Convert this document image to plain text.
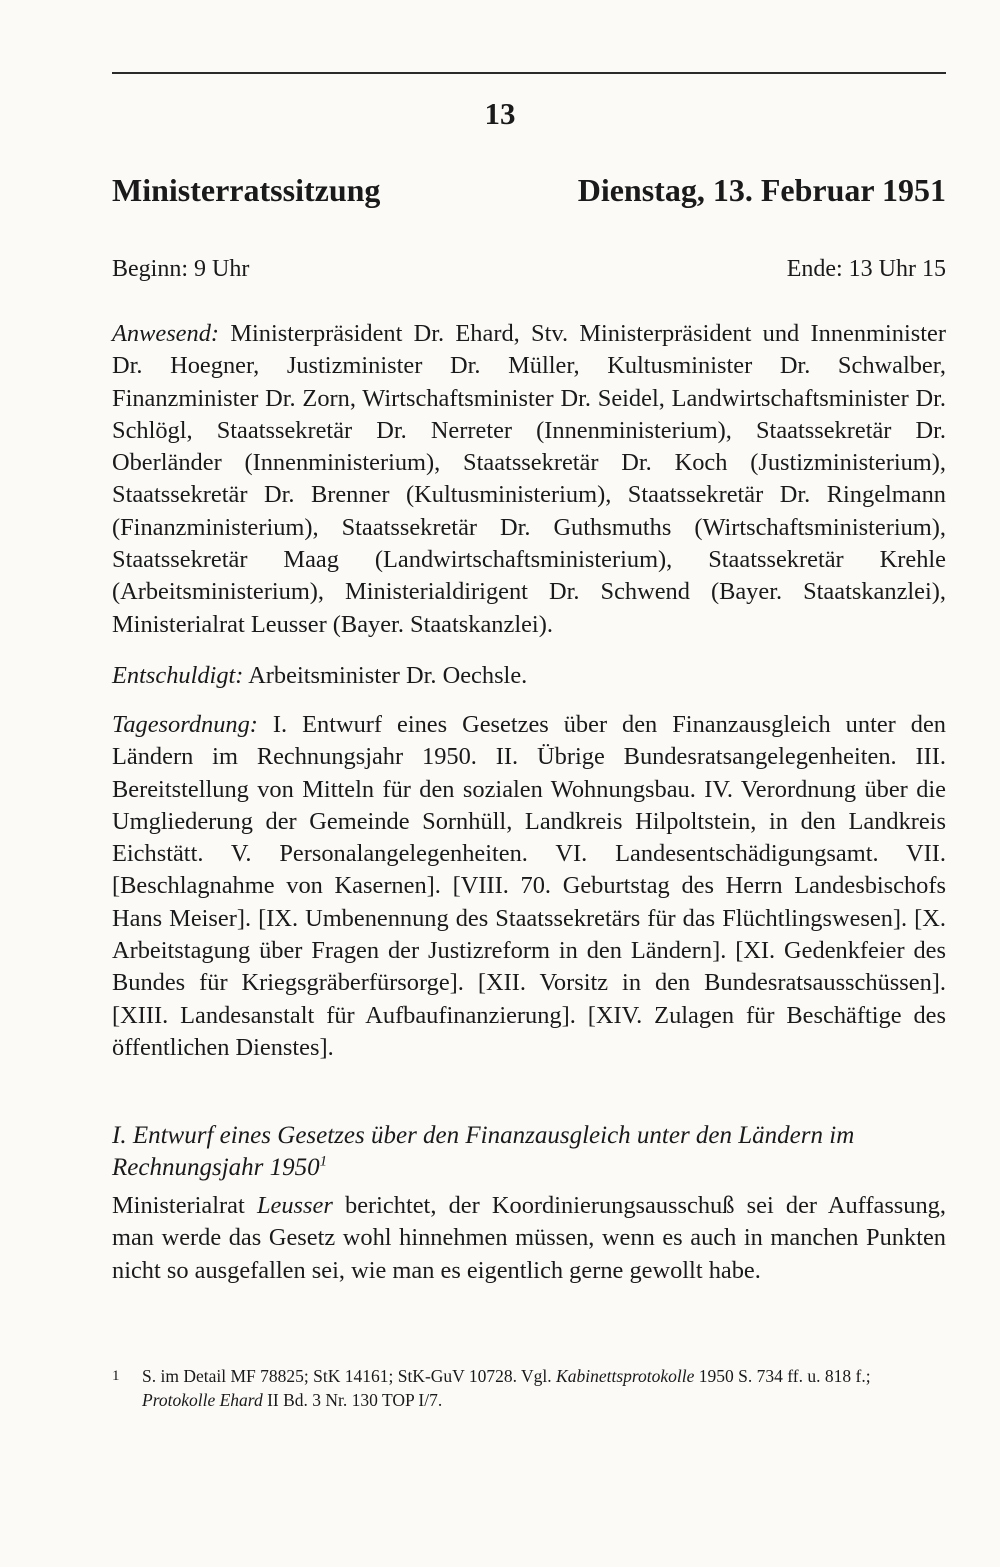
13
Ministerratssitzung	Dienstag, 13. Februar 1951
Beginn: 9 Uhr	Ende: 13 Uhr 15
Anwesend: Ministerpräsident Dr. Ehard, Stv. Ministerpräsident und Innenminister Dr. Hoegner, Justizminister Dr. Müller, Kultusminister Dr. Schwalber, Finanzminister Dr. Zorn, Wirtschaftsminister Dr. Seidel, Landwirtschaftsminister Dr. Schlögl, Staatssekretär Dr. Nerreter (Innenministerium), Staatssekretär Dr. Oberländer (Innenministerium), Staatssekretär Dr. Koch (Justizministerium), Staatssekretär Dr. Brenner (Kultusministerium), Staatssekretär Dr. Ringelmann (Finanzministerium), Staatssekretär Dr. Guthsmuths (Wirtschaftsministerium), Staatssekretär Maag (Landwirtschaftsministerium), Staatssekretär Krehle (Arbeitsministerium), Ministerialdirigent Dr. Schwend (Bayer. Staatskanzlei), Ministerialrat Leusser (Bayer. Staatskanzlei).
Entschuldigt: Arbeitsminister Dr. Oechsle.
Tagesordnung: I. Entwurf eines Gesetzes über den Finanzausgleich unter den Ländern im Rechnungsjahr 1950. II. Übrige Bundesratsangelegenheiten. III. Bereitstellung von Mitteln für den sozialen Wohnungsbau. IV. Verordnung über die Umgliederung der Gemeinde Sornhüll, Landkreis Hilpoltstein, in den Landkreis Eichstätt. V. Personalangelegenheiten. VI. Landesentschädigungsamt. VII. [Beschlagnahme von Kasernen]. [VIII. 70. Geburtstag des Herrn Landesbischofs Hans Meiser]. [IX. Umbenennung des Staatssekretärs für das Flüchtlingswesen]. [X. Arbeitstagung über Fragen der Justizreform in den Ländern]. [XI. Gedenkfeier des Bundes für Kriegsgräberfürsorge]. [XII. Vorsitz in den Bundesratsausschüssen]. [XIII. Landesanstalt für Aufbaufinanzierung]. [XIV. Zulagen für Beschäftige des öffentlichen Dienstes].
I. Entwurf eines Gesetzes über den Finanzausgleich unter den Ländern im Rechnungsjahr 1950$^1$
Ministerialrat Leusser berichtet, der Koordinierungsausschuß sei der Auffassung, man werde das Gesetz wohl hinnehmen müssen, wenn es auch in manchen Punkten nicht so ausgefallen sei, wie man es eigentlich gerne gewollt habe.
1	S. im Detail MF 78825; StK 14161; StK-GuV 10728. Vgl. Kabinettsprotokolle 1950 S. 734 ff. u. 818 f.; Protokolle Ehard II Bd. 3 Nr. 130 TOP I/7.
